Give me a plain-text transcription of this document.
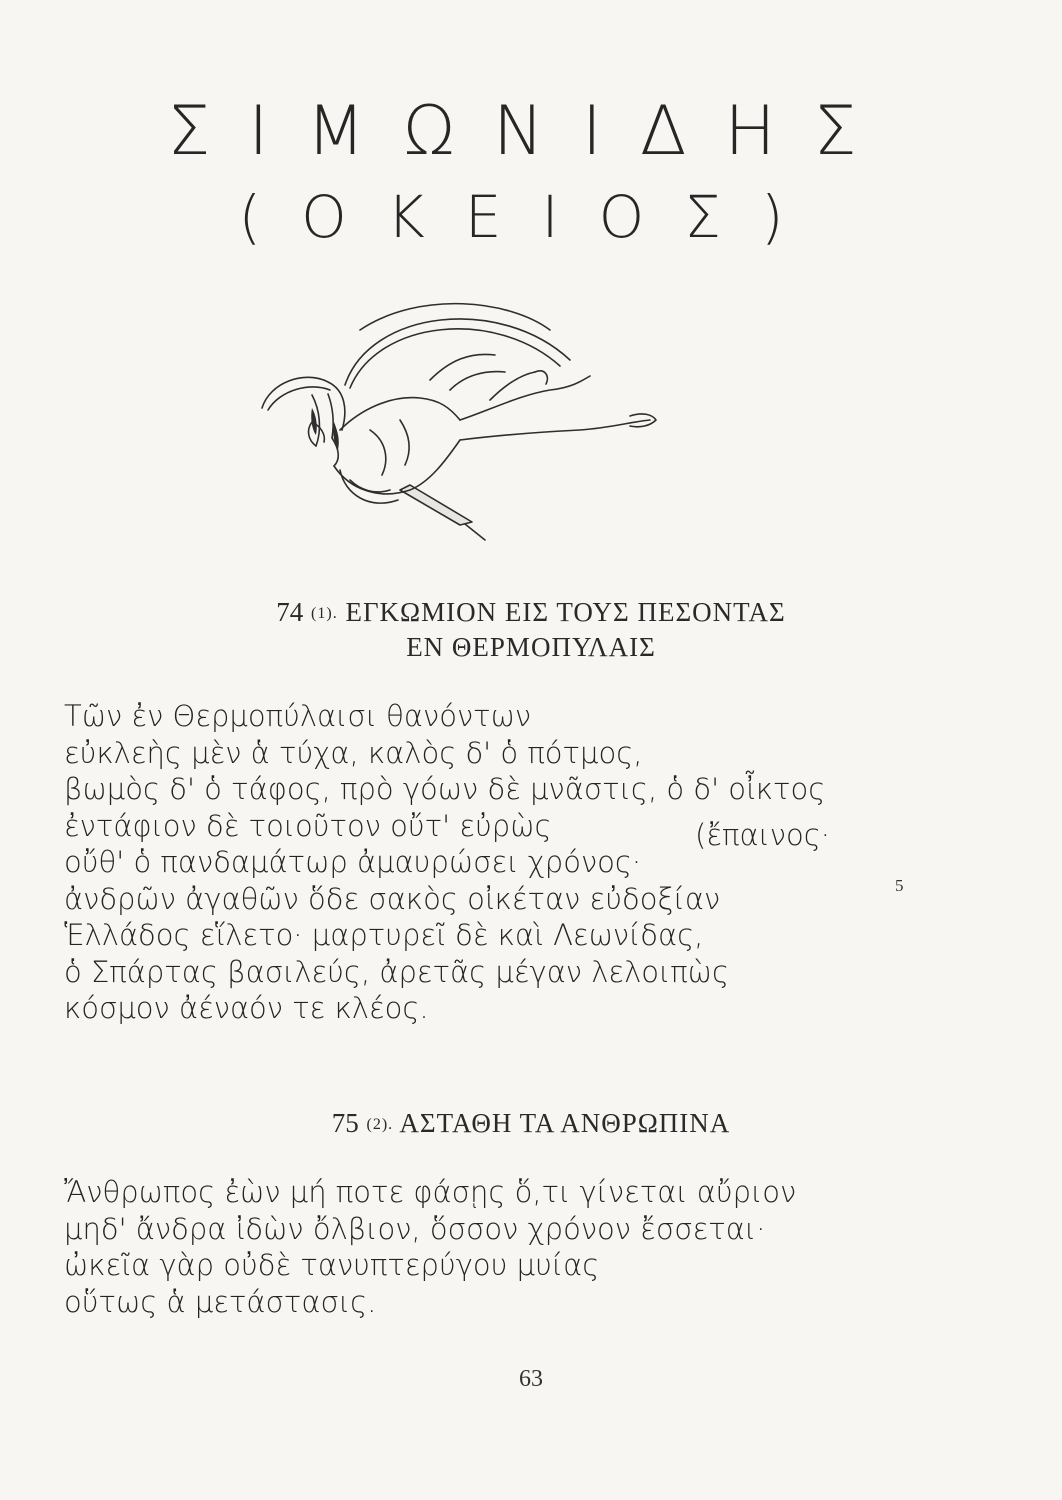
ΣΙΜΩΝΙΔΗΣ
(ΟΚΕΙΟΣ)
74 (1). ΕΓΚΩΜΙΟΝ ΕΙΣ ΤΟΥΣ ΠΕΣΟΝΤΑΣ
ΕΝ ΘΕΡΜΟΠΥΛΑΙΣ
Τῶν ἐν Θερμοπύλαισι θανόντων
εὐκλεὴς μὲν ἁ τύχα, καλὸς δ' ὁ πότμος,
βωμὸς δ' ὁ τάφος, πρὸ γόων δὲ μνᾶστις, ὁ δ' οἶκτος
ἐντάφιον δὲ τοιοῦτον οὔτ' εὐρὼς
οὔθ' ὁ πανδαμάτωρ ἀμαυρώσει χρόνος·
ἀνδρῶν ἀγαθῶν ὅδε σακὸς οἰκέταν εὐδοξίαν
Ἑλλάδος εἵλετο· μαρτυρεῖ δὲ καὶ Λεωνίδας,
ὁ Σπάρτας βασιλεύς, ἀρετᾶς μέγαν λελοιπὼς
κόσμον ἀέναόν τε κλέος.
(ἔπαινος·
5
75 (2). ΑΣΤΑΘΗ ΤΑ ΑΝΘΡΩΠΙΝΑ
Ἄνθρωπος ἐὼν μή ποτε φάσῃς ὅ,τι γίνεται αὔριον
μηδ' ἄνδρα ἰδὼν ὄλβιον, ὅσσον χρόνον ἔσσεται·
ὠκεῖα γὰρ οὐδὲ τανυπτερύγου μυίας
οὕτως ἁ μετάστασις.
63
